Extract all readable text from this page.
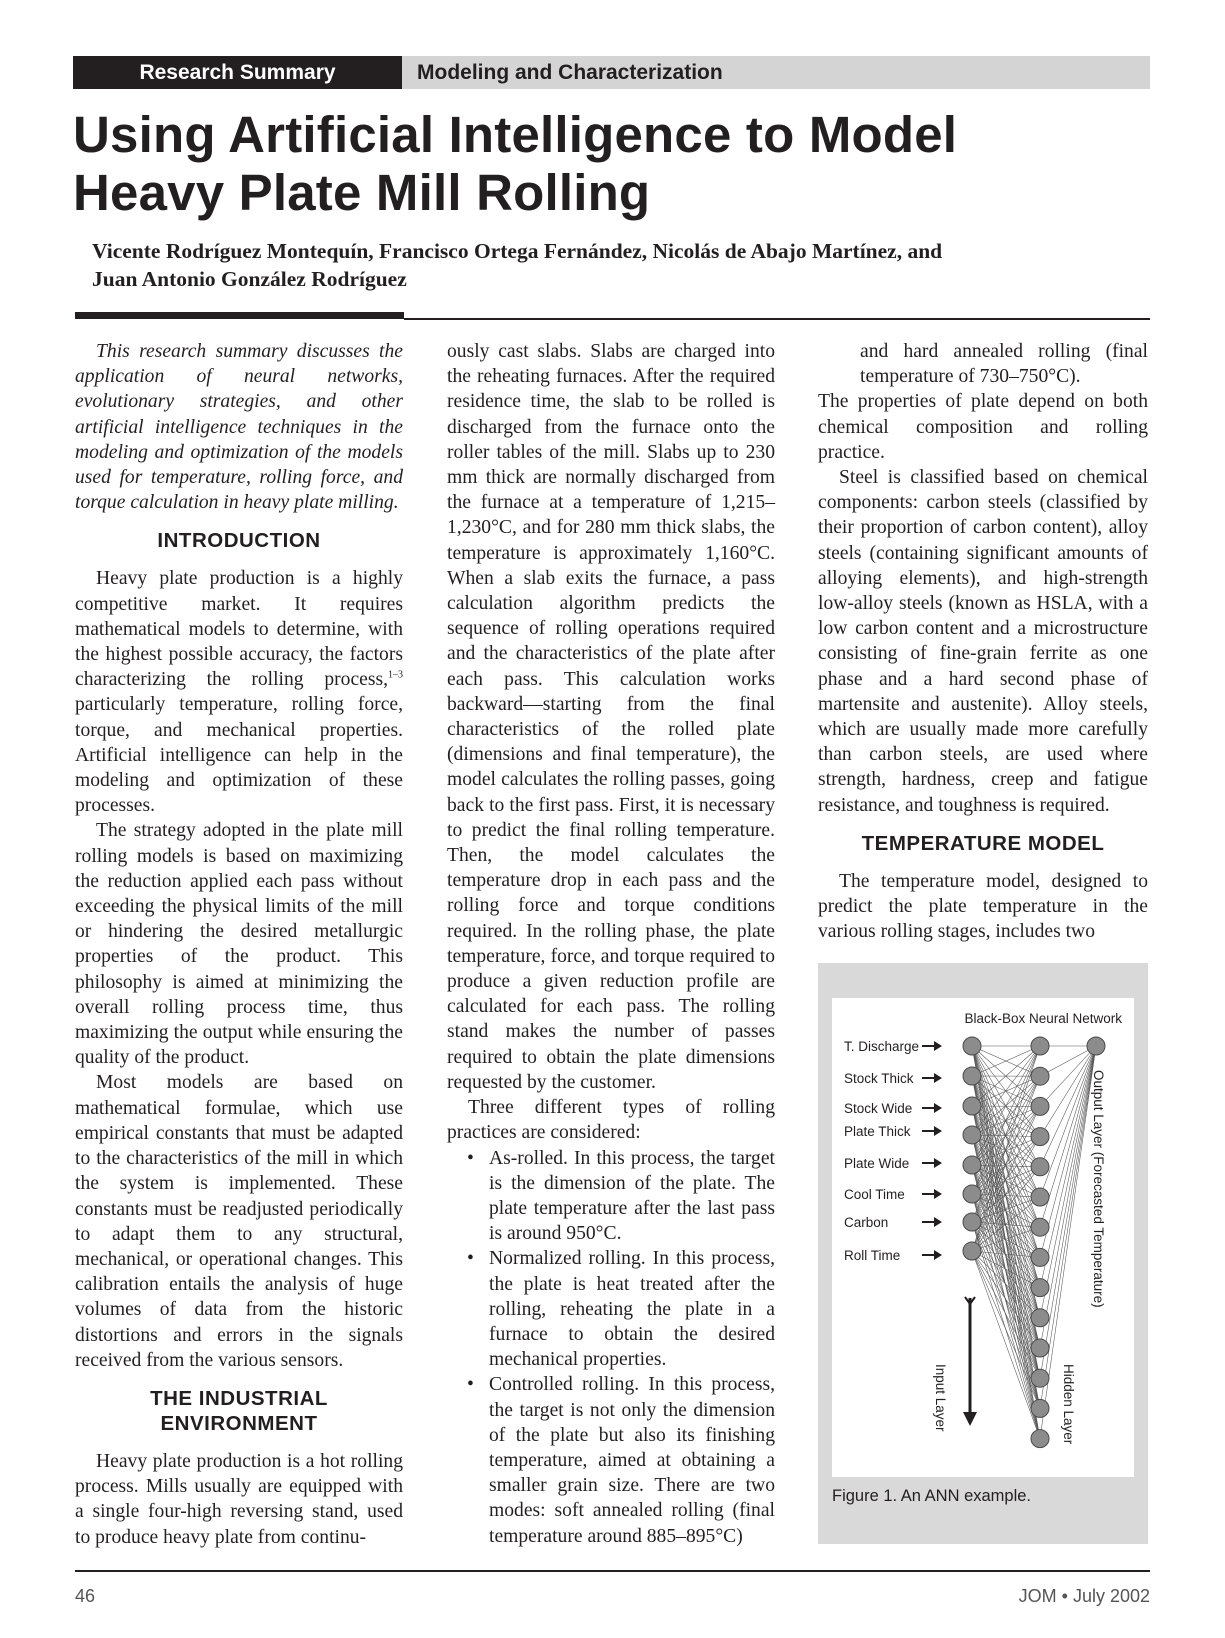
Research Summary	Modeling and Characterization
Using Artificial Intelligence to Model
Heavy Plate Mill Rolling
Vicente Rodríguez Montequín, Francisco Ortega Fernández, Nicolás de Abajo Martínez, and
Juan Antonio González Rodríguez

This research summary discusses the application of neural networks, evolutionary strategies, and other artificial intelligence techniques in the modeling and optimization of the models used for temperature, rolling force, and torque calculation in heavy plate milling.

INTRODUCTION

Heavy plate production is a highly competitive market. It requires mathematical models to determine, with the highest possible accuracy, the factors characterizing the rolling process,$^{1-3}$ particularly temperature, rolling force, torque, and mechanical properties. Artificial intelligence can help in the modeling and optimization of these processes.

The strategy adopted in the plate mill rolling models is based on maximizing the reduction applied each pass without exceeding the physical limits of the mill or hindering the desired metallurgic properties of the product. This philosophy is aimed at minimizing the overall rolling process time, thus maximizing the output while ensuring the quality of the product.

Most models are based on mathematical formulae, which use empirical constants that must be adapted to the characteristics of the mill in which the system is implemented. These constants must be readjusted periodically to adapt them to any structural, mechanical, or operational changes. This calibration entails the analysis of huge volumes of data from the historic distortions and errors in the signals received from the various sensors.

THE INDUSTRIAL
ENVIRONMENT

Heavy plate production is a hot rolling process. Mills usually are equipped with a single four-high reversing stand, used to produce heavy plate from continu-

ously cast slabs. Slabs are charged into the reheating furnaces. After the required residence time, the slab to be rolled is discharged from the furnace onto the roller tables of the mill. Slabs up to 230 mm thick are normally discharged from the furnace at a temperature of 1,215–1,230°C, and for 280 mm thick slabs, the temperature is approximately 1,160°C. When a slab exits the furnace, a pass calculation algorithm predicts the sequence of rolling operations required and the characteristics of the plate after each pass. This calculation works backward—starting from the final characteristics of the rolled plate (dimensions and final temperature), the model calculates the rolling passes, going back to the first pass. First, it is necessary to predict the final rolling temperature. Then, the model calculates the temperature drop in each pass and the rolling force and torque conditions required. In the rolling phase, the plate temperature, force, and torque required to produce a given reduction profile are calculated for each pass. The rolling stand makes the number of passes required to obtain the plate dimensions requested by the customer.

Three different types of rolling practices are considered:

• As-rolled. In this process, the target is the dimension of the plate. The plate temperature after the last pass is around 950°C.
• Normalized rolling. In this process, the plate is heat treated after the rolling, reheating the plate in a furnace to obtain the desired mechanical properties.
• Controlled rolling. In this process, the target is not only the dimension of the plate but also its finishing temperature, aimed at obtaining a smaller grain size. There are two modes: soft annealed rolling (final temperature around 885–895°C)

and hard annealed rolling (final temperature of 730–750°C).

The properties of plate depend on both chemical composition and rolling practice.

Steel is classified based on chemical components: carbon steels (classified by their proportion of carbon content), alloy steels (containing significant amounts of alloying elements), and high-strength low-alloy steels (known as HSLA, with a low carbon content and a microstructure consisting of fine-grain ferrite as one phase and a hard second phase of martensite and austenite). Alloy steels, which are usually made more carefully than carbon steels, are used where strength, hardness, creep and fatigue resistance, and toughness is required.

TEMPERATURE MODEL

The temperature model, designed to predict the plate temperature in the various rolling stages, includes two

Black-Box Neural Network
T. Discharge
Stock Thick
Stock Wide
Plate Thick
Plate Wide
Cool Time
Carbon
Roll Time
Input Layer	Hidden Layer
Output Layer (Forecasted Temperature)
Figure 1. An ANN example.
46	JOM • July 2002
